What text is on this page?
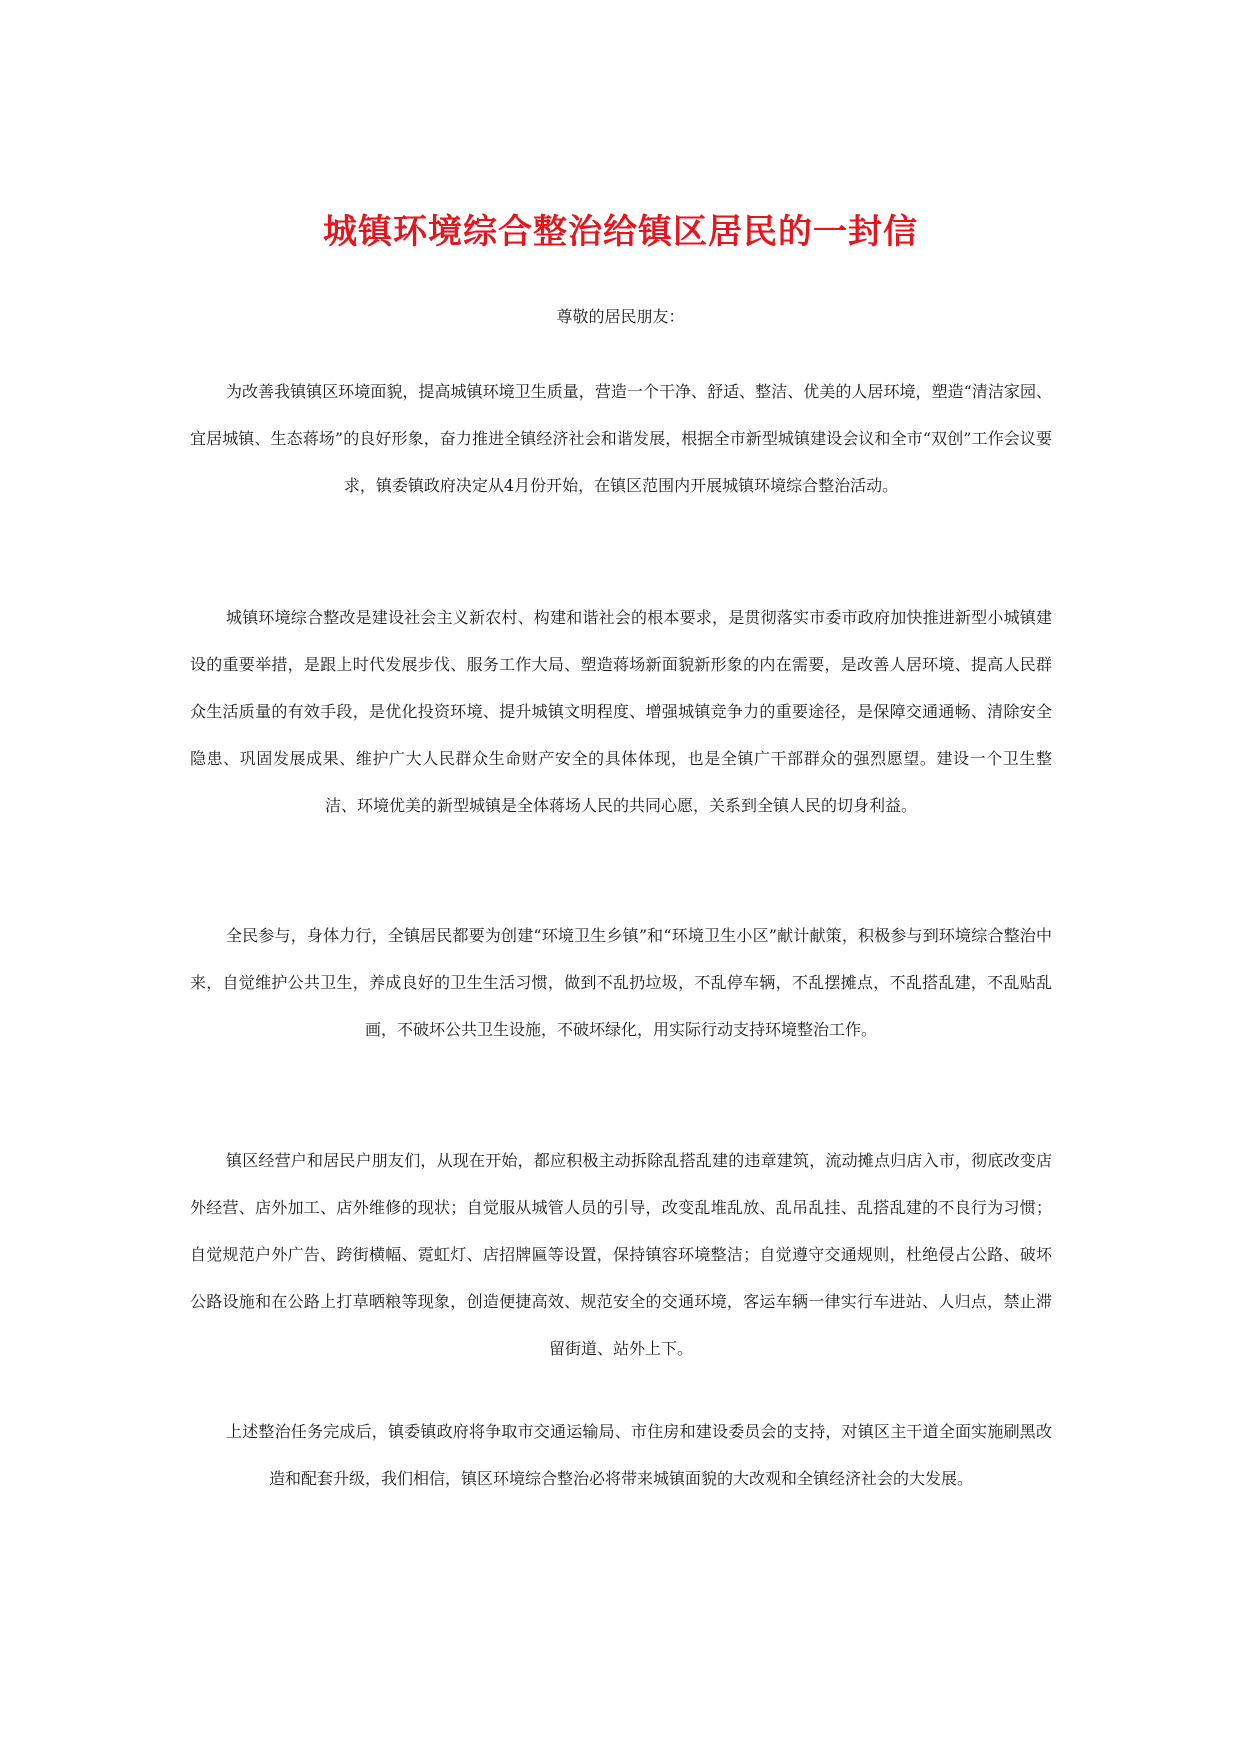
城镇环境综合整治给镇区居民的一封信

尊敬的居民朋友：

为改善我镇镇区环境面貌，提高城镇环境卫生质量，营造一个干净、舒适、整洁、优美的人居环境，塑造“清洁家园、宜居城镇、生态蒋场”的良好形象，奋力推进全镇经济社会和谐发展，根据全市新型城镇建设会议和全市“双创”工作会议要求，镇委镇政府决定从4月份开始，在镇区范围内开展城镇环境综合整治活动。

城镇环境综合整改是建设社会主义新农村、构建和谐社会的根本要求，是贯彻落实市委市政府加快推进新型小城镇建设的重要举措，是跟上时代发展步伐、服务工作大局、塑造蒋场新面貌新形象的内在需要，是改善人居环境、提高人民群众生活质量的有效手段，是优化投资环境、提升城镇文明程度、增强城镇竞争力的重要途径，是保障交通通畅、清除安全隐患、巩固发展成果、维护广大人民群众生命财产安全的具体体现，也是全镇广干部群众的强烈愿望。建设一个卫生整洁、环境优美的新型城镇是全体蒋场人民的共同心愿，关系到全镇人民的切身利益。

全民参与，身体力行，全镇居民都要为创建“环境卫生乡镇”和“环境卫生小区”献计献策，积极参与到环境综合整治中来，自觉维护公共卫生，养成良好的卫生生活习惯，做到不乱扔垃圾，不乱停车辆，不乱摆摊点，不乱搭乱建，不乱贴乱画，不破坏公共卫生设施，不破坏绿化，用实际行动支持环境整治工作。

镇区经营户和居民户朋友们，从现在开始，都应积极主动拆除乱搭乱建的违章建筑，流动摊点归店入市，彻底改变店外经营、店外加工、店外维修的现状；自觉服从城管人员的引导，改变乱堆乱放、乱吊乱挂、乱搭乱建的不良行为习惯；自觉规范户外广告、跨街横幅、霓虹灯、店招牌匾等设置，保持镇容环境整洁；自觉遵守交通规则，杜绝侵占公路、破坏公路设施和在公路上打草晒粮等现象，创造便捷高效、规范安全的交通环境，客运车辆一律实行车进站、人归点，禁止滞留街道、站外上下。

上述整治任务完成后，镇委镇政府将争取市交通运输局、市住房和建设委员会的支持，对镇区主干道全面实施刷黑改造和配套升级，我们相信，镇区环境综合整治必将带来城镇面貌的大改观和全镇经济社会的大发展。
